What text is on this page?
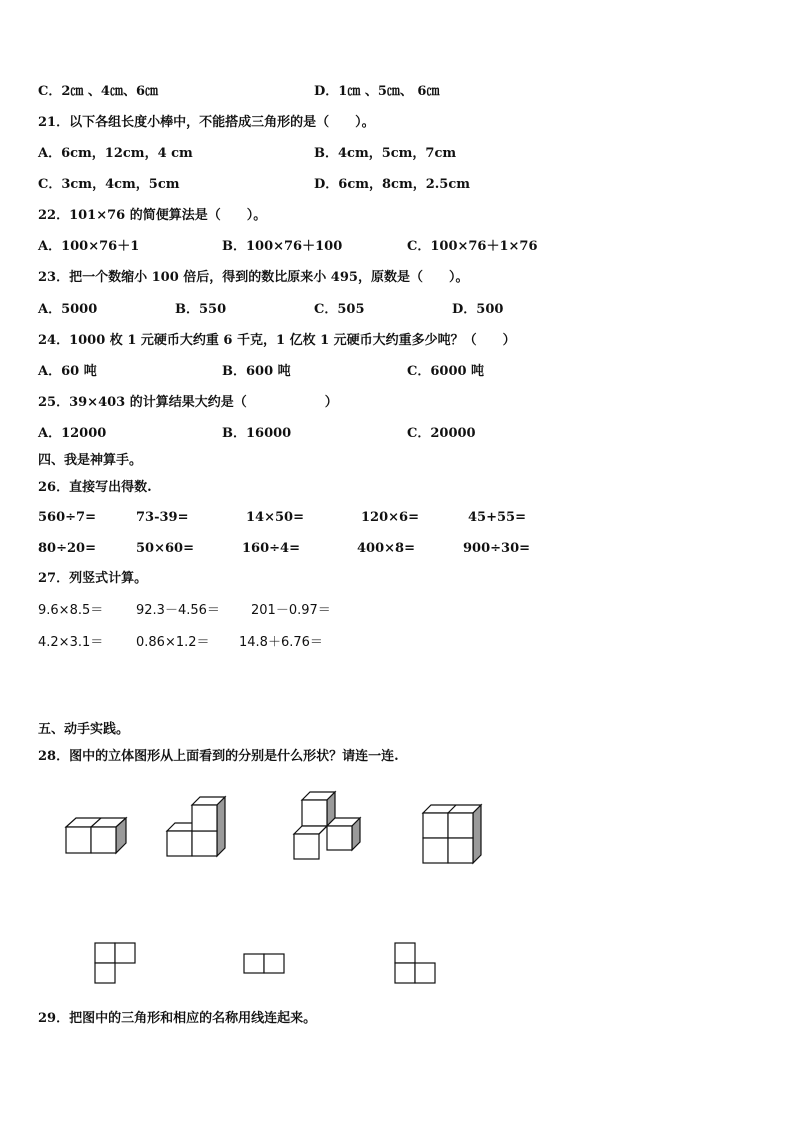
C．2㎝ 、4㎝、6㎝	D．1㎝ 、5㎝、 6㎝
21．以下各组长度小棒中，不能搭成三角形的是（　　）。
A．6cm，12cm，4 cm	B．4cm，5cm，7cm
C．3cm，4cm，5cm	D．6cm，8cm，2.5cm
22．101×76 的简便算法是（　　）。
A．100×76＋1	B．100×76＋100	C．100×76＋1×76
23．把一个数缩小 100 倍后，得到的数比原来小 495，原数是（　　）。
A．5000	B．550	C．505	D．500
24．1000 枚 1 元硬币大约重 6 千克，1 亿枚 1 元硬币大约重多少吨？（　　）
A．60 吨	B．600 吨	C．6000 吨
25．39×403 的计算结果大约是（　　　　　　）
A．12000	B．16000	C．20000
四、我是神算手。
26．直接写出得数.
560÷7=	73-39=	14×50=	120×6=	45+55=
80÷20=	50×60=	160÷4=	400×8=	900÷30=
27．列竖式计算。
9.6×8.5＝	92.3－4.56＝ 201－0.97＝
4.2×3.1＝	0.86×1.2＝ 14.8＋6.76＝
五、动手实践。
28．图中的立体图形从上面看到的分别是什么形状？请连一连.
29．把图中的三角形和相应的名称用线连起来。
